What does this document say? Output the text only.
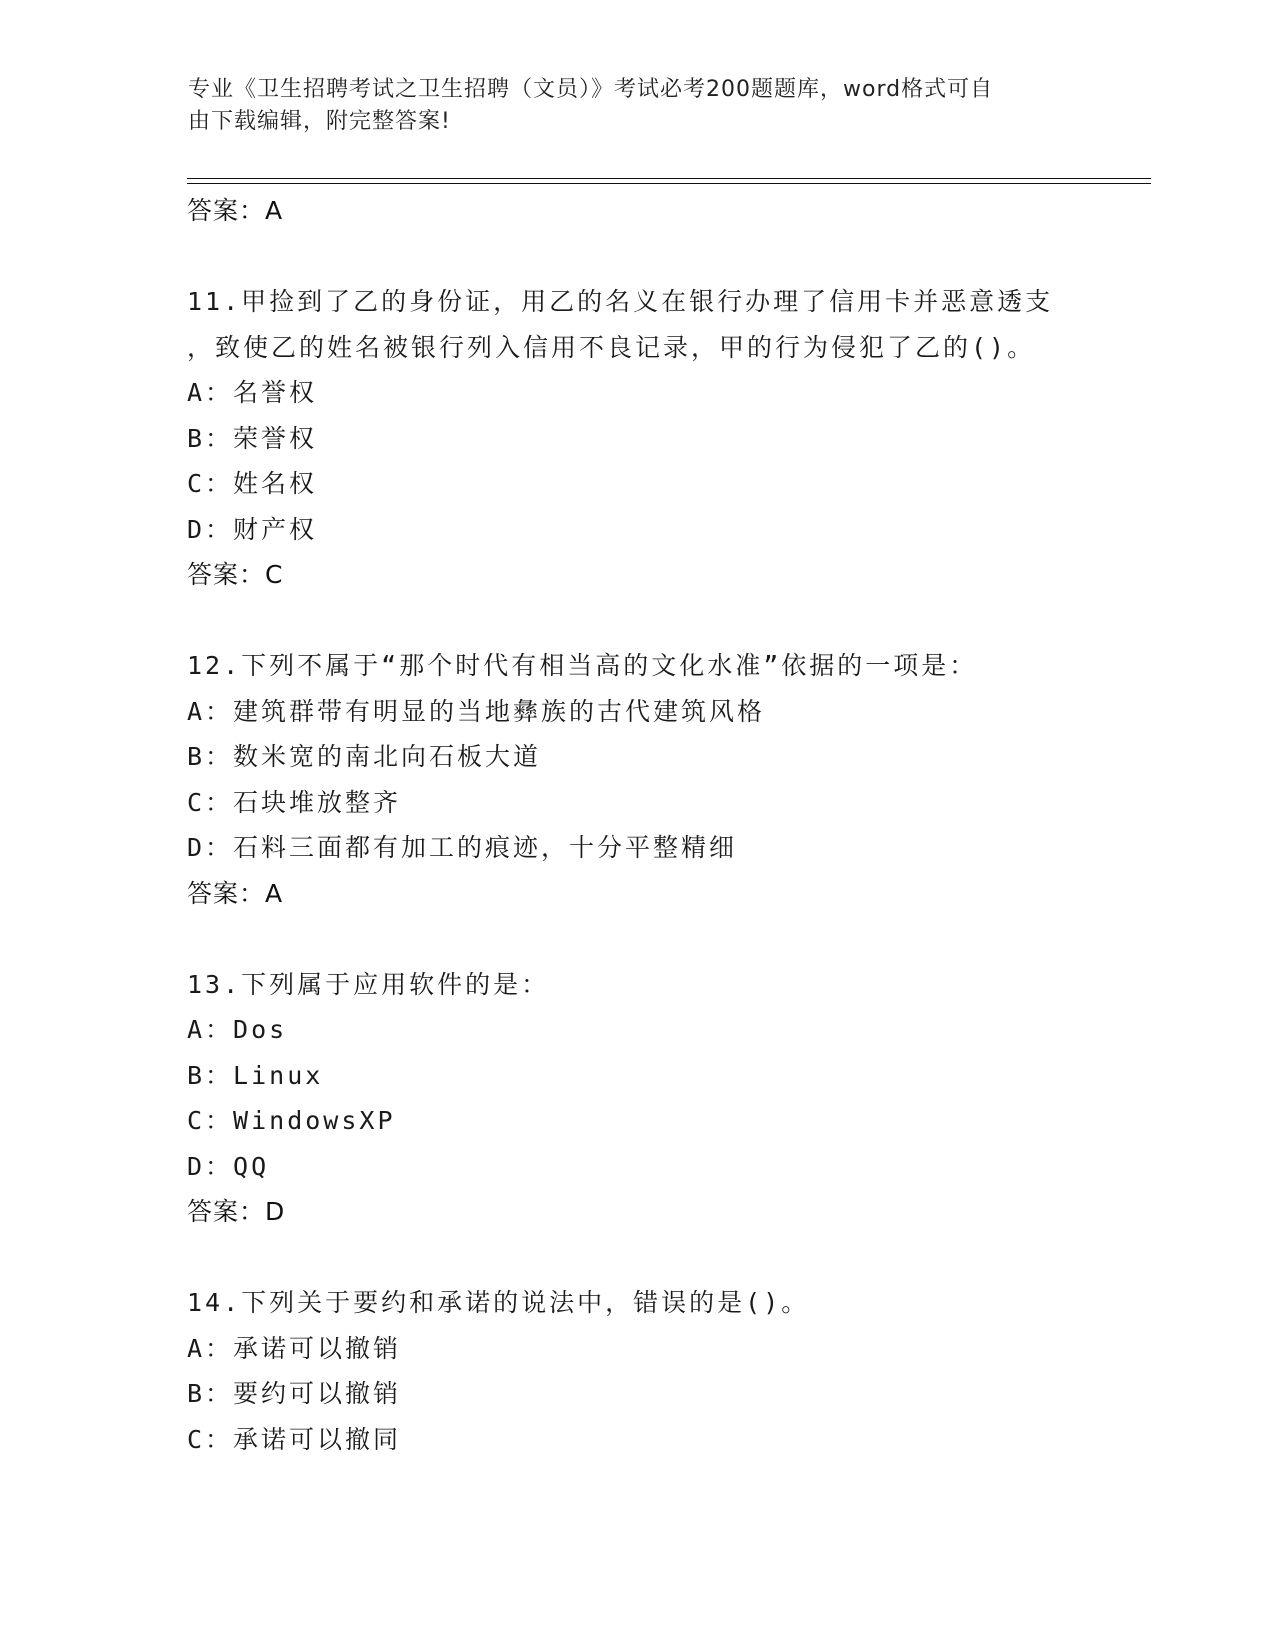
专业《卫生招聘考试之卫生招聘（文员）》考试必考200题题库，word格式可自
由下载编辑，附完整答案!
答案：A
11.甲捡到了乙的身份证，用乙的名义在银行办理了信用卡并恶意透支
，致使乙的姓名被银行列入信用不良记录，甲的行为侵犯了乙的()。
A：名誉权
B：荣誉权
C：姓名权
D：财产权
答案：C
12.下列不属于“那个时代有相当高的文化水准”依据的一项是：
A：建筑群带有明显的当地彝族的古代建筑风格
B：数米宽的南北向石板大道
C：石块堆放整齐
D：石料三面都有加工的痕迹，十分平整精细
答案：A
13.下列属于应用软件的是：
A：Dos
B：Linux
C：WindowsXP
D：QQ
答案：D
14.下列关于要约和承诺的说法中，错误的是()。
A：承诺可以撤销
B：要约可以撤销
C：承诺可以撤同
